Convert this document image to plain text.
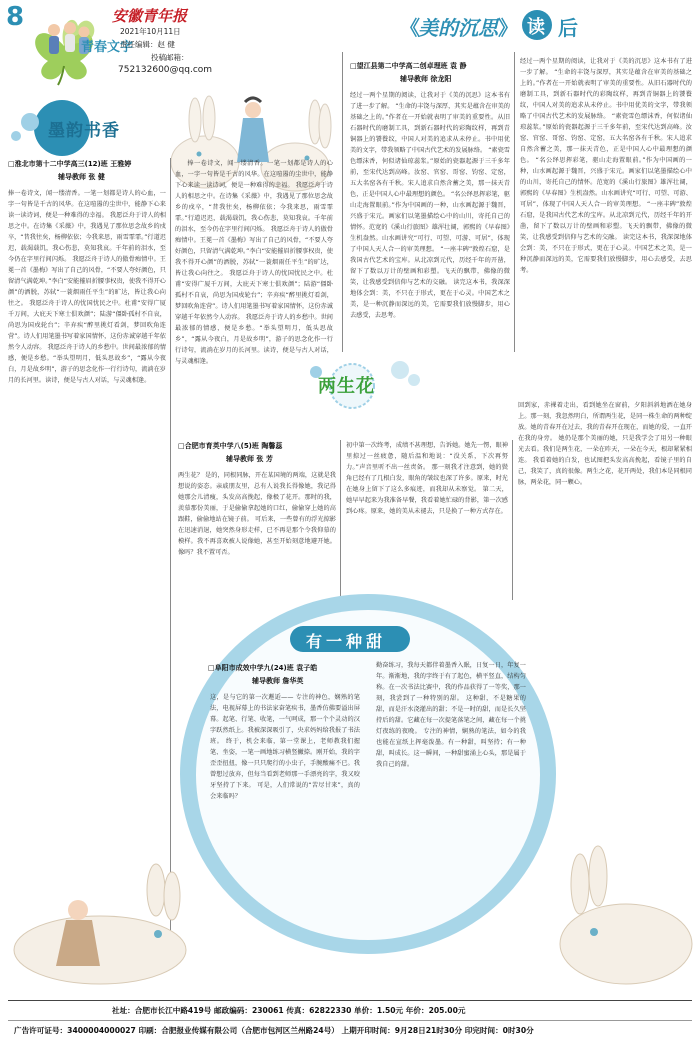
8	安徽青年报
青春文字
2021年10月11日
责任编辑：赵 健
投稿邮箱：
752132600@qq.com
《
美的沉思 》 读 后
墨韵书香
□淮北市第十二中学高三(12)班 王雅婷
辅导教师 张 健
捧一卷诗文，闻一缕清香。一笔一划都是诗人的心血，一字一句皆是千古的风华。在这喧嚣的尘世中，能静下心来读一读诗词，便是一种难得的幸福。 我愿泛舟于诗人的相思之中。在诗集《采薇》中，我遇见了那位思念故乡的戍卒，“昔我往矣，杨柳依依；今我来思，雨雪霏霏。”行道迟迟，载渴载饥，我心伤悲，莫知我哀。千年前的泪水，至今仍在字里行间闪烁。 我愿泛舟于诗人的傲骨痴情中。王冕一首《墨梅》写出了自己的风骨，“不要人夸好颜色，只留清气满乾坤。”李白“安能摧眉折腰事权贵，使我不得开心颜”的洒脱，苏轼“一蓑烟雨任平生”的旷达，皆让我心向往之。 我愿泛舟于诗人的忧国忧民之中。杜甫“安得广厦千万间，大庇天下寒士俱欢颜”；陆游“僵卧孤村不自哀，尚思为国戍轮台”；辛弃疾“醉里挑灯看剑，梦回吹角连营”。诗人们用笔墨书写着家国情怀，这份赤诚穿越千年依然令人动容。 我愿泛舟于诗人的乡愁中。世间最浓郁的情感，便是乡愁。“举头望明月，低头思故乡”，“露从今夜白，月是故乡明”，游子的思念化作一行行诗句，流淌在岁月的长河里。读诗，便是与古人对话，与灵魂相逢。

捧一卷诗文，闻一缕清香。一笔一划都是诗人的心血，一字一句皆是千古的风华。在这喧嚣的尘世中，能静下心来读一读诗词，便是一种难得的幸福。 我愿泛舟于诗人的相思之中。在诗集《采薇》中，我遇见了那位思念故乡的戍卒，“昔我往矣，杨柳依依；今我来思，雨雪霏霏。”行道迟迟，载渴载饥，我心伤悲，莫知我哀。千年前的泪水，至今仍在字里行间闪烁。 我愿泛舟于诗人的傲骨痴情中。王冕一首《墨梅》写出了自己的风骨，“不要人夸好颜色，只留清气满乾坤。”李白“安能摧眉折腰事权贵，使我不得开心颜”的洒脱，苏轼“一蓑烟雨任平生”的旷达，皆让我心向往之。 我愿泛舟于诗人的忧国忧民之中。杜甫“安得广厦千万间，大庇天下寒士俱欢颜”；陆游“僵卧孤村不自哀，尚思为国戍轮台”；辛弃疾“醉里挑灯看剑，梦回吹角连营”。诗人们用笔墨书写着家国情怀，这份赤诚穿越千年依然令人动容。 我愿泛舟于诗人的乡愁中。世间最浓郁的情感，便是乡愁。“举头望明月，低头思故乡”，“露从今夜白，月是故乡明”，游子的思念化作一行行诗句，流淌在岁月的长河里。读诗，便是与古人对话，与灵魂相逢。

□望江县第二中学高二创卓理班 袁 静
辅导教师 徐龙阳
经过一两个星期的阅读，让我对于《美的沉思》这本书有了进一步了解。 “生命的丰饶与深厚，其实是蕴含在审美的基础之上的。”作者在一开始就表明了审美的重要性。从旧石器时代的磨制工具，到新石器时代的彩陶纹样，再到青铜器上的饕餮纹，中国人对美的追求从未停止。书中用优美的文字，带我领略了中国古代艺术的发展脉络。 “素瓷雪色缥沫香，何似诸仙琼蕊浆。”原始的瓷器起源于三千多年前，至宋代达到高峰。汝窑、官窑、哥窑、钧窑、定窑，五大名窑各有千秋。宋人追求自然含蓄之美，那一抹天青色，正是中国人心中最理想的颜色。 “名公绎思挥彩笔，驱山走海置眼前。”作为中国画的一种，山水画起源于魏晋，兴盛于宋元。画家们以笔墨描绘心中的山川，寄托自己的情怀。范宽的《溪山行旅图》雄浑壮阔，郭熙的《早春图》生机盎然。山水画讲究“可行、可望、可游、可居”，体现了中国人天人合一的审美理想。 “一座丰碑”敦煌石窟，是我国古代艺术的宝库。从北凉到元代，历经千年的开凿，留下了数以万计的壁画和彩塑。飞天的飘带，佛像的微笑，让我感受到信仰与艺术的交融。 读完这本书，我深深地体会到：美，不只在于形式，更在于心灵。中国艺术之美，是一种沉静而深远的美，它需要我们放慢脚步，用心去感受，去思考。
经过一两个星期的阅读，让我对于《美的沉思》这本书有了进一步了解。 “生命的丰饶与深厚，其实是蕴含在审美的基础之上的。”作者在一开始就表明了审美的重要性。从旧石器时代的磨制工具，到新石器时代的彩陶纹样，再到青铜器上的饕餮纹，中国人对美的追求从未停止。书中用优美的文字，带我领略了中国古代艺术的发展脉络。 “素瓷雪色缥沫香，何似诸仙琼蕊浆。”原始的瓷器起源于三千多年前，至宋代达到高峰。汝窑、官窑、哥窑、钧窑、定窑，五大名窑各有千秋。宋人追求自然含蓄之美，那一抹天青色，正是中国人心中最理想的颜色。 “名公绎思挥彩笔，驱山走海置眼前。”作为中国画的一种，山水画起源于魏晋，兴盛于宋元。画家们以笔墨描绘心中的山川，寄托自己的情怀。范宽的《溪山行旅图》雄浑壮阔，郭熙的《早春图》生机盎然。山水画讲究“可行、可望、可游、可居”，体现了中国人天人合一的审美理想。 “一座丰碑”敦煌石窟，是我国古代艺术的宝库。从北凉到元代，历经千年的开凿，留下了数以万计的壁画和彩塑。飞天的飘带，佛像的微笑，让我感受到信仰与艺术的交融。 读完这本书，我深深地体会到：美，不只在于形式，更在于心灵。中国艺术之美，是一种沉静而深远的美，它需要我们放慢脚步，用心去感受，去思考。
两生花
□合肥市育英中学八(5)班 陶馨蕊
辅导教师 张 芳
两生花？ 是的，同根同脉，开在某国境的两端，这就是我想说的姿态。亲戚朋友里，总有人说我长得像她，我记得她那会儿清瘦，头发高高挽起，像极了花开。那时的我，羡慕那份美丽，于是偷偷拿起她的口红，偷偷穿上她的高跟鞋，偷偷地站在镜子前。 可后来，一些曾有的浮光掠影在迅速消退，她突然身形走样，已不再是那个令我仰慕的模样。我不再喜欢被人说像她，甚至开始刻意地避开她。 像吗？我不置可否。
初中第一次终考，成绩不甚理想，告诉她。她先一愣，眼神里掠过一丝疲惫，随后温和地说：“没关系，下次再努力。”声音里听不出一丝责备。 那一刻我才注意到，她的鬓角已经有了几根白发，眼角的皱纹也深了许多。原来，时光在她身上留下了这么多痕迹，而我却从未察觉。 第二天，她早早起来为我准备早餐，我看着她忙碌的背影，第一次感到心疼。原来，她的美从未褪去，只是换了一种方式存在。
回到家，赤裸着走出，看到她坐在窗前，夕阳斜斜地洒在她身上。那一刻，我忽然明白，所谓两生花，是同一株生命的两种绽放。她的青春开在过去，我的青春开在现在，而她的爱，一直开在我的身旁。 她仍是那个美丽的她，只是我学会了用另一种眼光去看。我们是两生花，一朵在昨天，一朵在今天，根却紧紧相连。 我看着她的白发，也试图把头发高高挽起，看镜子里的自己，我笑了，真的很像。两生之花，花开两处，我们本是同根同脉，两朵花，同一颗心。
有一种甜
□阜阳市成效中学九(24)班 袁子皓
辅导教师 詹华英
这，是与它的第一次邂逅—— 专注的神色，娴熟的笔法，电视屏幕上的书法家奋笔疾书，墨香仿佛要溢出屏幕。起笔、行笔、收笔，一气呵成，那一个个灵动的汉字跃然纸上。我被深深吸引了，央求妈妈给我报了书法班。 终于，机会来临，第一堂课上，老师教我们握笔、坐姿，一笔一画地练习横竖撇捺。刚开始，我的字歪歪扭扭，像一只只爬行的小虫子，手腕酸痛不已。我曾想过放弃，但每当看到老师那一手漂亮的字，我又咬牙坚持了下来。 可是，人们常说的“苦尽甘来”，真的会来临吗？
勤奋练习，我每天都伴着墨香入眠，日复一日，年复一年。渐渐地，我的字终于有了起色，横平竖直，结构匀称。在一次书法比赛中，我的作品获得了一等奖，那一刻，我尝到了一种特别的甜。 这种甜，不是糖果的甜，而是汗水浇灌出的甜；不是一时的甜，而是长久坚持后的甜。它藏在每一次提笔落笔之间，藏在每一个挑灯夜练的夜晚。 专注的神情，娴熟的笔法，如今的我也能在宣纸上挥毫泼墨。有一种甜，叫坚持；有一种甜，叫成长。这一瞬间，一种甜蜜涌上心头，那是属于我自己的甜。
社址：合肥市长江中路419号 邮政编码：230061 传真：62822330 单价：1.50元 年价：205.00元
广告许可证号：3400004000027 印刷：合肥报业传媒有限公司（合肥市包河区兰州路24号） 上期开印时间：9月28日21时30分 印完时间：0时30分
